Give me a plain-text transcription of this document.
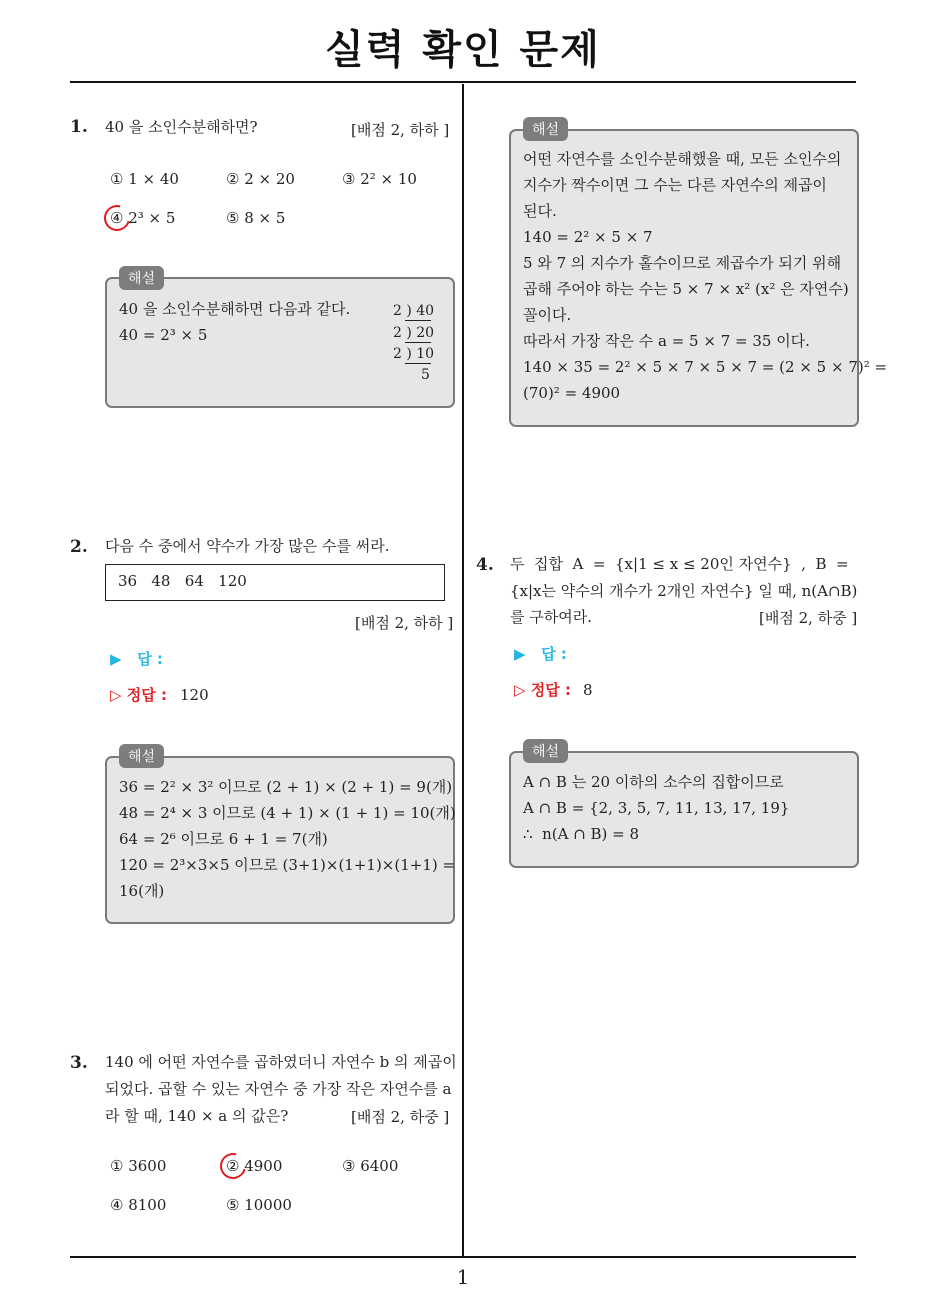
실력 확인 문제
1
1. 40 을 소인수분해하면?	[배점 2, 하하 ]
① 1 × 40	② 2 × 20	③ 2² × 10
④ 2³ × 5	⑤ 8 × 5
해설
40 을 소인수분해하면 다음과 같다.
40 = 2³ × 5
2 ) 40
2 ) 20
2 ) 10
5
2. 다음 수 중에서 약수가 가장 많은 수를 써라.
36   48   64   120
[배점 2, 하하 ]
▶   답 :
▷ 정답 : 120
해설
36 = 2² × 3² 이므로 (2 + 1) × (2 + 1) = 9(개)
48 = 2⁴ × 3 이므로 (4 + 1) × (1 + 1) = 10(개)
64 = 2⁶ 이므로 6 + 1 = 7(개)
120 = 2³×3×5 이므로 (3+1)×(1+1)×(1+1) =
16(개)
3. 140 에 어떤 자연수를 곱하였더니 자연수 b 의 제곱이
되었다. 곱할 수 있는 자연수 중 가장 작은 자연수를 a
라 할 때, 140 × a 의 값은?	[배점 2, 하중 ]
① 3600	② 4900	③ 6400
④ 8100	⑤ 10000
해설
어떤 자연수를 소인수분해했을 때, 모든 소인수의
지수가 짝수이면 그 수는 다른 자연수의 제곱이
된다.
140 = 2² × 5 × 7
5 와 7 의 지수가 홀수이므로 제곱수가 되기 위해
곱해 주어야 하는 수는 5 × 7 × x² (x² 은 자연수)
꼴이다.
따라서 가장 작은 수 a = 5 × 7 = 35 이다.
140 × 35 = 2² × 5 × 7 × 5 × 7 = (2 × 5 × 7)² =
(70)² = 4900
4. 두  집합  A  =  {x|1 ≤ x ≤ 20인 자연수}  ,  B  =
{x|x는 약수의 개수가 2개인 자연수} 일 때, n(A∩B)
를 구하여라.	[배점 2, 하중 ]
▶   답 :
▷ 정답 : 8
해설
A ∩ B 는 20 이하의 소수의 집합이므로
A ∩ B = {2, 3, 5, 7, 11, 13, 17, 19}
∴  n(A ∩ B) = 8
